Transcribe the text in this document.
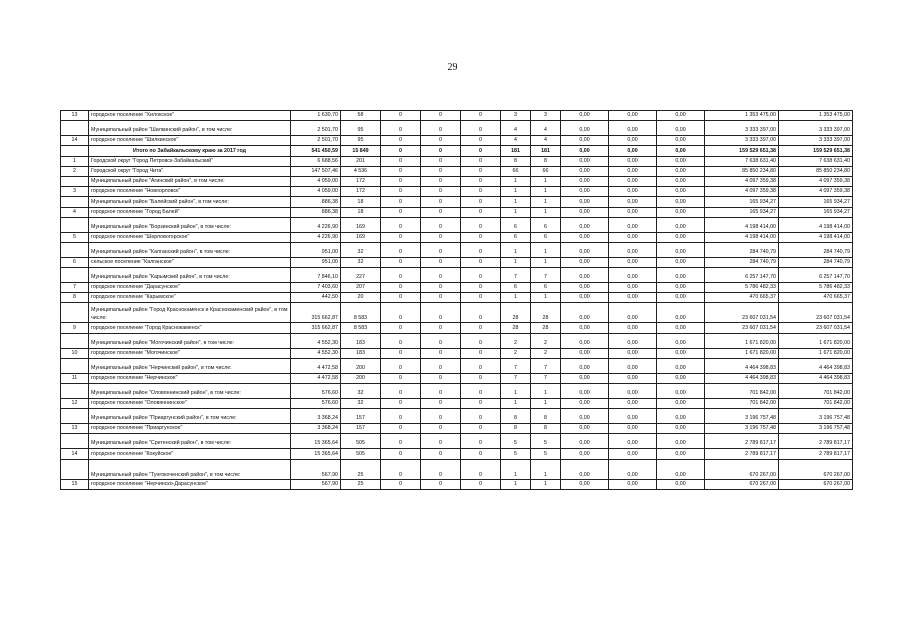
29
13	городское поселение "Хилокское"	1 630,70	58	0	0	0	3	3	0,00	0,00	0,00	1 353 475,00	1 353 475,00
	Муниципальный район "Шилкинский район", в том числе:	2 501,70	95	0	0	0	4	4	0,00	0,00	0,00	3 333 397,00	3 333 397,00
14	городское поселение "Шилкинское"	2 501,70	95	0	0	0	4	4	0,00	0,00	0,00	3 333 397,00	3 333 397,00
	Итого по Забайкальскому краю за 2017 год	541 450,59	15 849	0	0	0	181	181	0,00	0,00	0,00	159 529 651,38	159 529 651,38
1	Городской округ "Город Петровск-Забайкальский"	6 688,56	201	0	0	0	8	8	0,00	0,00	0,00	7 638 631,40	7 638 631,40
2	Городской округ "Город Чита"	147 507,46	4 536	0	0	0	66	66	0,00	0,00	0,00	85 850 234,80	85 850 234,80
	Муниципальный район "Агинский район", в том числе:	4 059,00	172	0	0	0	1	1	0,00	0,00	0,00	4 097 359,38	4 097 359,38
3	городское поселение "Новоорловск"	4 059,00	172	0	0	0	1	1	0,00	0,00	0,00	4 097 359,38	4 097 359,38
	Муниципальный район "Балейский район", в том числе:	886,38	18	0	0	0	1	1	0,00	0,00	0,00	165 934,27	165 934,27
4	городское поселение "Город Балей"	886,38	18	0	0	0	1	1	0,00	0,00	0,00	165 934,27	165 934,27
	Муниципальный район "Борзинский район", в том числе:	4 226,90	169	0	0	0	6	6	0,00	0,00	0,00	4 198 414,00	4 198 414,00
5	городское поселение "Шерловогорское"	4 226,90	169	0	0	0	6	6	0,00	0,00	0,00	4 198 414,00	4 198 414,00
	Муниципальный район "Калганский район", в том числе:	951,00	32	0	0	0	1	1	0,00	0,00	0,00	284 740,79	284 740,79
6	сельское поселение "Калганское"	951,00	32	0	0	0	1	1	0,00	0,00	0,00	284 740,79	284 740,79
	Муниципальный район "Карымский район", в том числе:	7 846,10	227	0	0	0	7	7	0,00	0,00	0,00	6 257 147,70	6 257 147,70
7	городское поселение "Дарасунское"	7 403,60	207	0	0	0	6	6	0,00	0,00	0,00	5 786 482,33	5 786 482,33
8	городское поселение "Карымское"	442,50	20	0	0	0	1	1	0,00	0,00	0,00	470 665,37	470 665,37
	Муниципальный район "Город Краснокаменск и Краснокаменский район", в том числе:	315 662,87	8 583	0	0	0	28	28	0,00	0,00	0,00	23 607 031,54	23 607 031,54
9	городское поселение "Город Краснокаменск"	315 662,87	8 583	0	0	0	28	28	0,00	0,00	0,00	23 607 031,54	23 607 031,54
	Муниципальный район "Могочинский район", в том числе:	4 552,30	183	0	0	0	2	2	0,00	0,00	0,00	1 671 820,00	1 671 820,00
10	городское поселение "Могочинское"	4 552,30	183	0	0	0	2	2	0,00	0,00	0,00	1 671 820,00	1 671 820,00
	Муниципальный район "Нерчинский район", в том числе:	4 472,58	200	0	0	0	7	7	0,00	0,00	0,00	4 464 398,83	4 464 398,83
11	городское поселение "Нерчинское"	4 472,58	200	0	0	0	7	7	0,00	0,00	0,00	4 464 398,83	4 464 398,83
	Муниципальный район "Оловяннинский район", в том числе:	576,60	32	0	0	0	1	1	0,00	0,00	0,00	701 842,00	701 842,00
12	городское поселение "Оловяннинское"	576,60	32	0	0	0	1	1	0,00	0,00	0,00	701 842,00	701 842,00
	Муниципальный район "Приаргунский район", в том числе:	3 368,24	157	0	0	0	8	8	0,00	0,00	0,00	3 196 757,48	3 196 757,48
13	городское поселение "Приаргунское"	3 368,24	157	0	0	0	8	8	0,00	0,00	0,00	3 196 757,48	3 196 757,48
	Муниципальный район "Сретенский район", в том числе:	15 365,64	505	0	0	0	5	5	0,00	0,00	0,00	2 789 817,17	2 789 817,17
14	городское поселение "Кокуйское"	15 365,64	505	0	0	0	5	5	0,00	0,00	0,00	2 789 817,17	2 789 817,17
	Муниципальный район "Тунгокоченский район", в том числе:	567,90	25	0	0	0	1	1	0,00	0,00	0,00	670 267,00	670 267,00
15	городское поселение "Нерчинско-Дарасунское"	567,90	25	0	0	0	1	1	0,00	0,00	0,00	670 267,00	670 267,00
